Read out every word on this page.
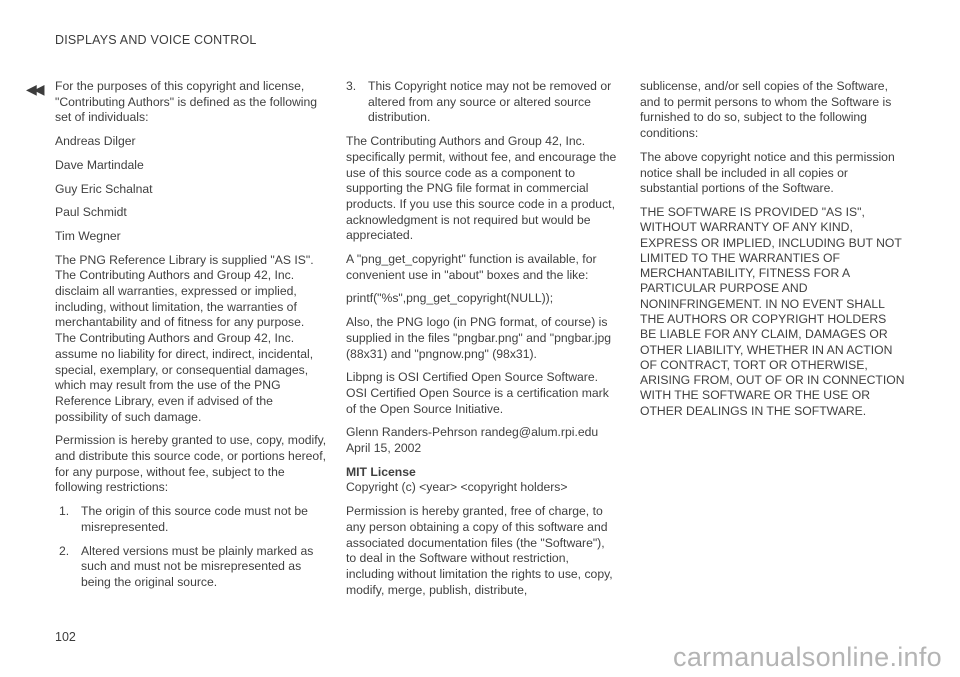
DISPLAYS AND VOICE CONTROL
◀◀ For the purposes of this copyright and license, "Contributing Authors" is defined as the following set of individuals:

Andreas Dilger

Dave Martindale

Guy Eric Schalnat

Paul Schmidt

Tim Wegner

The PNG Reference Library is supplied "AS IS". The Contributing Authors and Group 42, Inc. disclaim all warranties, expressed or implied, including, without limitation, the warranties of merchantability and of fitness for any purpose. The Contributing Authors and Group 42, Inc. assume no liability for direct, indirect, incidental, special, exemplary, or consequential damages, which may result from the use of the PNG Reference Library, even if advised of the possibility of such damage.

Permission is hereby granted to use, copy, modify, and distribute this source code, or portions hereof, for any purpose, without fee, subject to the following restrictions:

1. The origin of this source code must not be misrepresented.
2. Altered versions must be plainly marked as such and must not be misrepresented as being the original source.
3. This Copyright notice may not be removed or altered from any source or altered source distribution.

The Contributing Authors and Group 42, Inc. specifically permit, without fee, and encourage the use of this source code as a component to supporting the PNG file format in commercial products. If you use this source code in a product, acknowledgment is not required but would be appreciated.

A "png_get_copyright" function is available, for convenient use in "about" boxes and the like:

printf("%s",png_get_copyright(NULL));

Also, the PNG logo (in PNG format, of course) is supplied in the files "pngbar.png" and "pngbar.jpg (88x31) and "pngnow.png" (98x31).

Libpng is OSI Certified Open Source Software. OSI Certified Open Source is a certification mark of the Open Source Initiative.

Glenn Randers-Pehrson randeg@alum.rpi.edu
April 15, 2002

MIT License

Copyright (c) <year> <copyright holders>

Permission is hereby granted, free of charge, to any person obtaining a copy of this software and associated documentation files (the "Software"), to deal in the Software without restriction, including without limitation the rights to use, copy, modify, merge, publish, distribute,

sublicense, and/or sell copies of the Software, and to permit persons to whom the Software is furnished to do so, subject to the following conditions:

The above copyright notice and this permission notice shall be included in all copies or substantial portions of the Software.

THE SOFTWARE IS PROVIDED "AS IS", WITHOUT WARRANTY OF ANY KIND, EXPRESS OR IMPLIED, INCLUDING BUT NOT LIMITED TO THE WARRANTIES OF MERCHANTABILITY, FITNESS FOR A PARTICULAR PURPOSE AND NONINFRINGEMENT. IN NO EVENT SHALL THE AUTHORS OR COPYRIGHT HOLDERS BE LIABLE FOR ANY CLAIM, DAMAGES OR OTHER LIABILITY, WHETHER IN AN ACTION OF CONTRACT, TORT OR OTHERWISE, ARISING FROM, OUT OF OR IN CONNECTION WITH THE SOFTWARE OR THE USE OR OTHER DEALINGS IN THE SOFTWARE.

102
carmanualsonline.info
